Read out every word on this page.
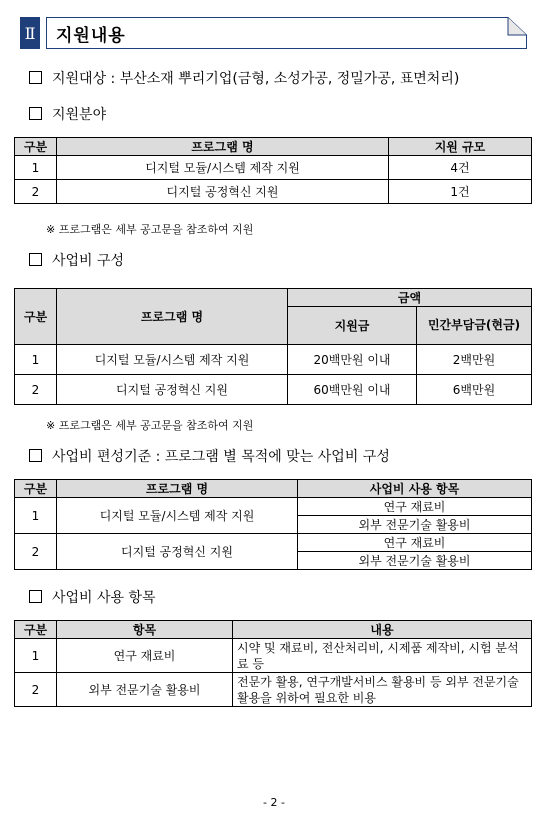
Ⅱ 지원내용
지원대상 : 부산소재 뿌리기업(금형, 소성가공, 정밀가공, 표면처리)
지원분야
구분	프로그램 명	지원 규모
1	디지털 모듈/시스템 제작 지원	4건
2	디지털 공정혁신 지원	1건
※ 프로그램은 세부 공고문을 참조하여 지원
사업비 구성
구분	프로그램 명	금액	
		지원금	민간부담금(현금)
1	디지털 모듈/시스템 제작 지원	20백만원 이내	2백만원
2	디지털 공정혁신 지원	60백만원 이내	6백만원
※ 프로그램은 세부 공고문을 참조하여 지원
사업비 편성기준 : 프로그램 별 목적에 맞는 사업비 구성
구분	프로그램 명	사업비 사용 항목
1	디지털 모듈/시스템 제작 지원	연구 재료비
		외부 전문기술 활용비
2	디지털 공정혁신 지원	연구 재료비
		외부 전문기술 활용비
사업비 사용 항목
구분	항목	내용
1	연구 재료비	시약 및 재료비, 전산처리비, 시제품 제작비, 시험 분석료 등
2	외부 전문기술 활용비	전문가 활용, 연구개발서비스 활용비 등 외부 전문기술 활용을 위하여 필요한 비용
- 2 -
